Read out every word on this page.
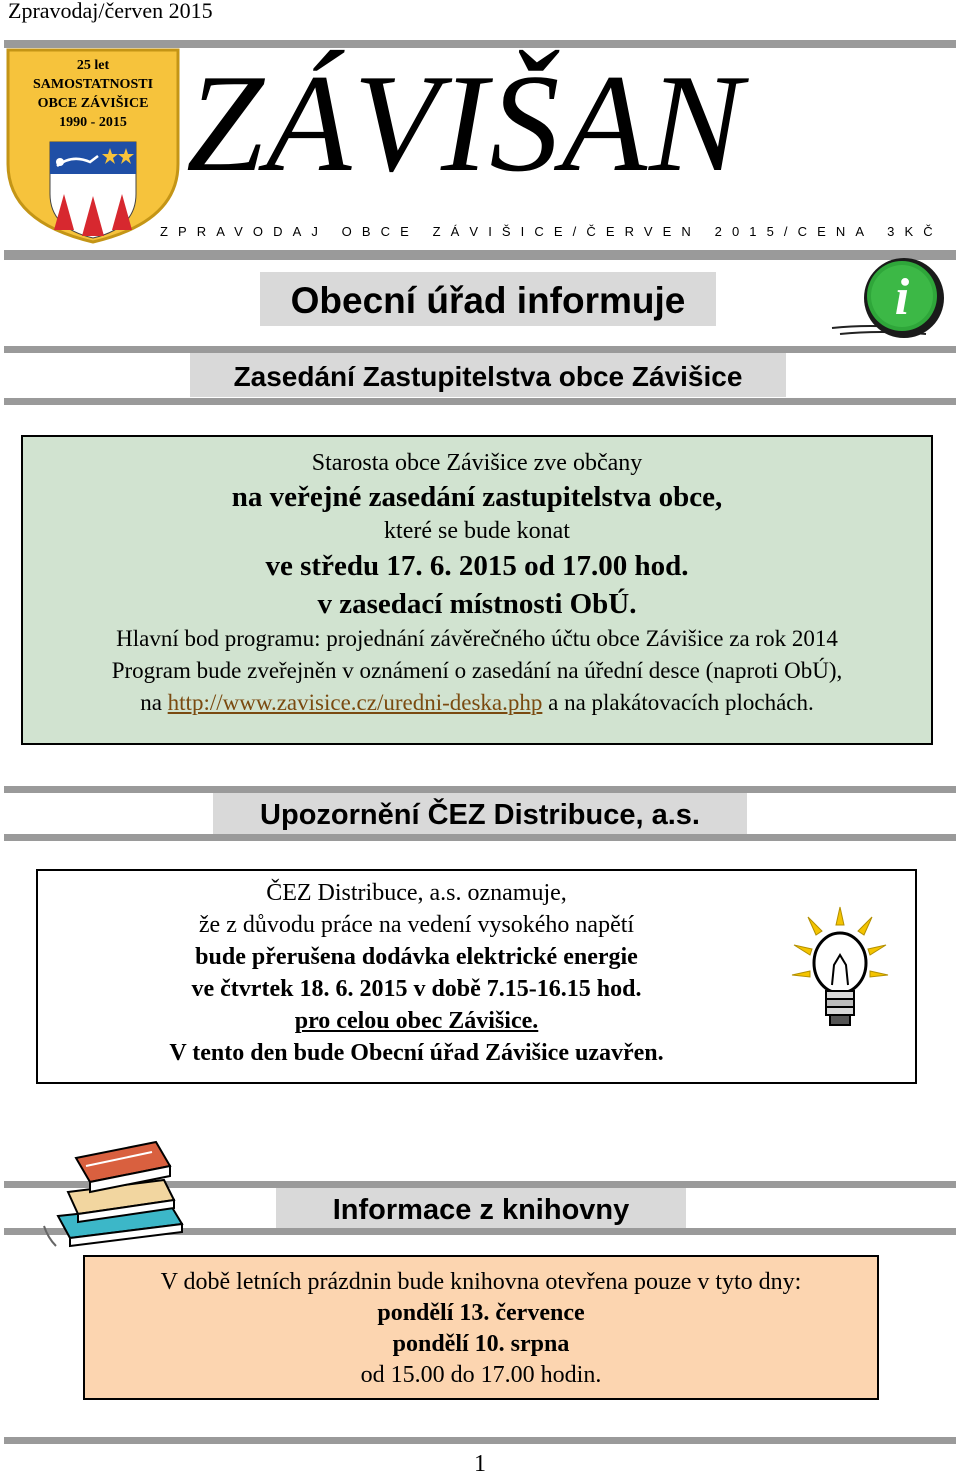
Zpravodaj/červen 2015
25 let
SAMOSTATNOSTI
OBCE ZÁVIŠICE
1990 - 2015 ZÁVIŠAN
ZPRAVODAJ OBCE ZÁVIŠICE/ČERVEN 2015/CENA 3KČ
Obecní úřad informuje	i
Zasedání Zastupitelstva obce Závišice

Starosta obce Závišice zve občany

na veřejné zasedání zastupitelstva obce,

které se bude konat

ve středu 17. 6. 2015 od 17.00 hod.

v zasedací místnosti ObÚ.

Hlavní bod programu: projednání závěrečného účtu obce Závišice za rok 2014

Program bude zveřejněn v oznámení o zasedání na úřední desce (naproti ObÚ),

na http://www.zavisice.cz/uredni-deska.php a na plakátovacích plochách.

Upozornění ČEZ Distribuce, a.s.

ČEZ Distribuce, a.s. oznamuje,

že z důvodu práce na vedení vysokého napětí

bude přerušena dodávka elektrické energie

ve čtvrtek 18. 6. 2015 v době 7.15-16.15 hod.

pro celou obec Závišice.

V tento den bude Obecní úřad Závišice uzavřen.

Informace z knihovny

V době letních prázdnin bude knihovna otevřena pouze v tyto dny:

pondělí 13. července

pondělí 10. srpna

od 15.00 do 17.00 hodin.

1
